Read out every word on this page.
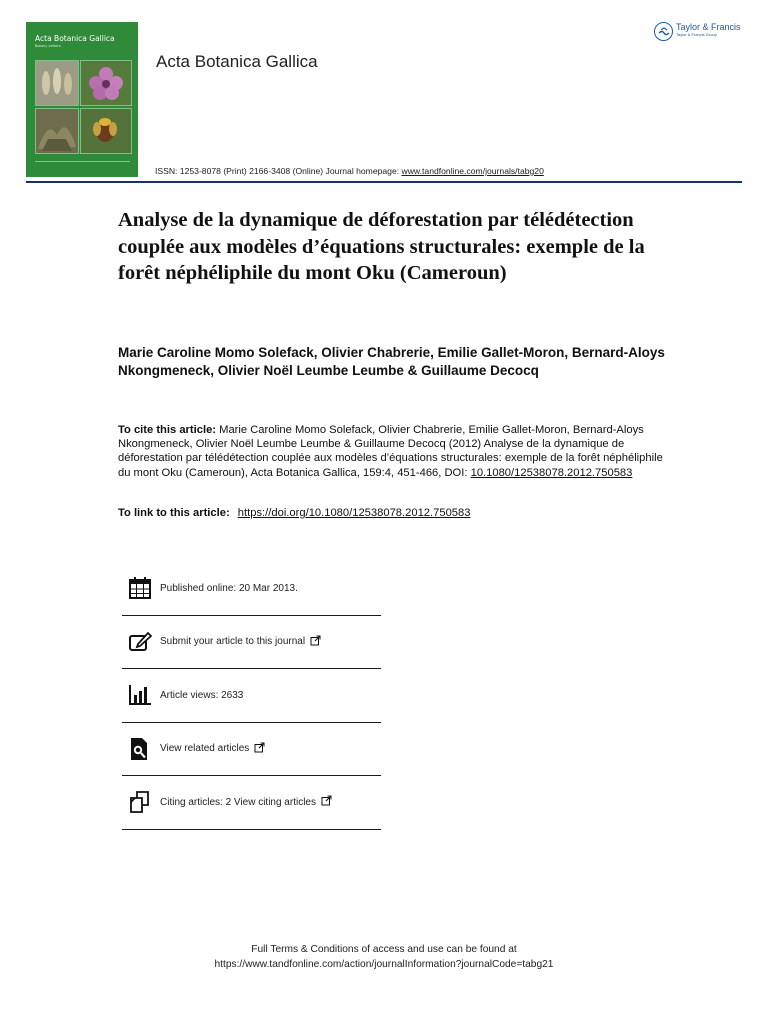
Acta Botanica Gallica
Botany Letters
Acta Botanica Gallica
Taylor & Francis
Taylor & Francis Group
ISSN: 1253-8078 (Print) 2166-3408 (Online) Journal homepage: www.tandfonline.com/journals/tabg20
Analyse de la dynamique de déforestation par télédétection couplée aux modèles d’équations structurales: exemple de la forêt néphéliphile du mont Oku (Cameroun)
Marie Caroline Momo Solefack, Olivier Chabrerie, Emilie Gallet-Moron, Bernard-Aloys Nkongmeneck, Olivier Noël Leumbe Leumbe & Guillaume Decocq
To cite this article: Marie Caroline Momo Solefack, Olivier Chabrerie, Emilie Gallet-Moron, Bernard-Aloys Nkongmeneck, Olivier Noël Leumbe Leumbe & Guillaume Decocq (2012) Analyse de la dynamique de déforestation par télédétection couplée aux modèles d’équations structurales: exemple de la forêt néphéliphile du mont Oku (Cameroun), Acta Botanica Gallica, 159:4, 451-466, DOI: 10.1080/12538078.2012.750583
To link to this article: https://doi.org/10.1080/12538078.2012.750583
Published online: 20 Mar 2013.
Submit your article to this journal
Article views: 2633
View related articles
Citing articles: 2 View citing articles
Full Terms & Conditions of access and use can be found at
https://www.tandfonline.com/action/journalInformation?journalCode=tabg21
